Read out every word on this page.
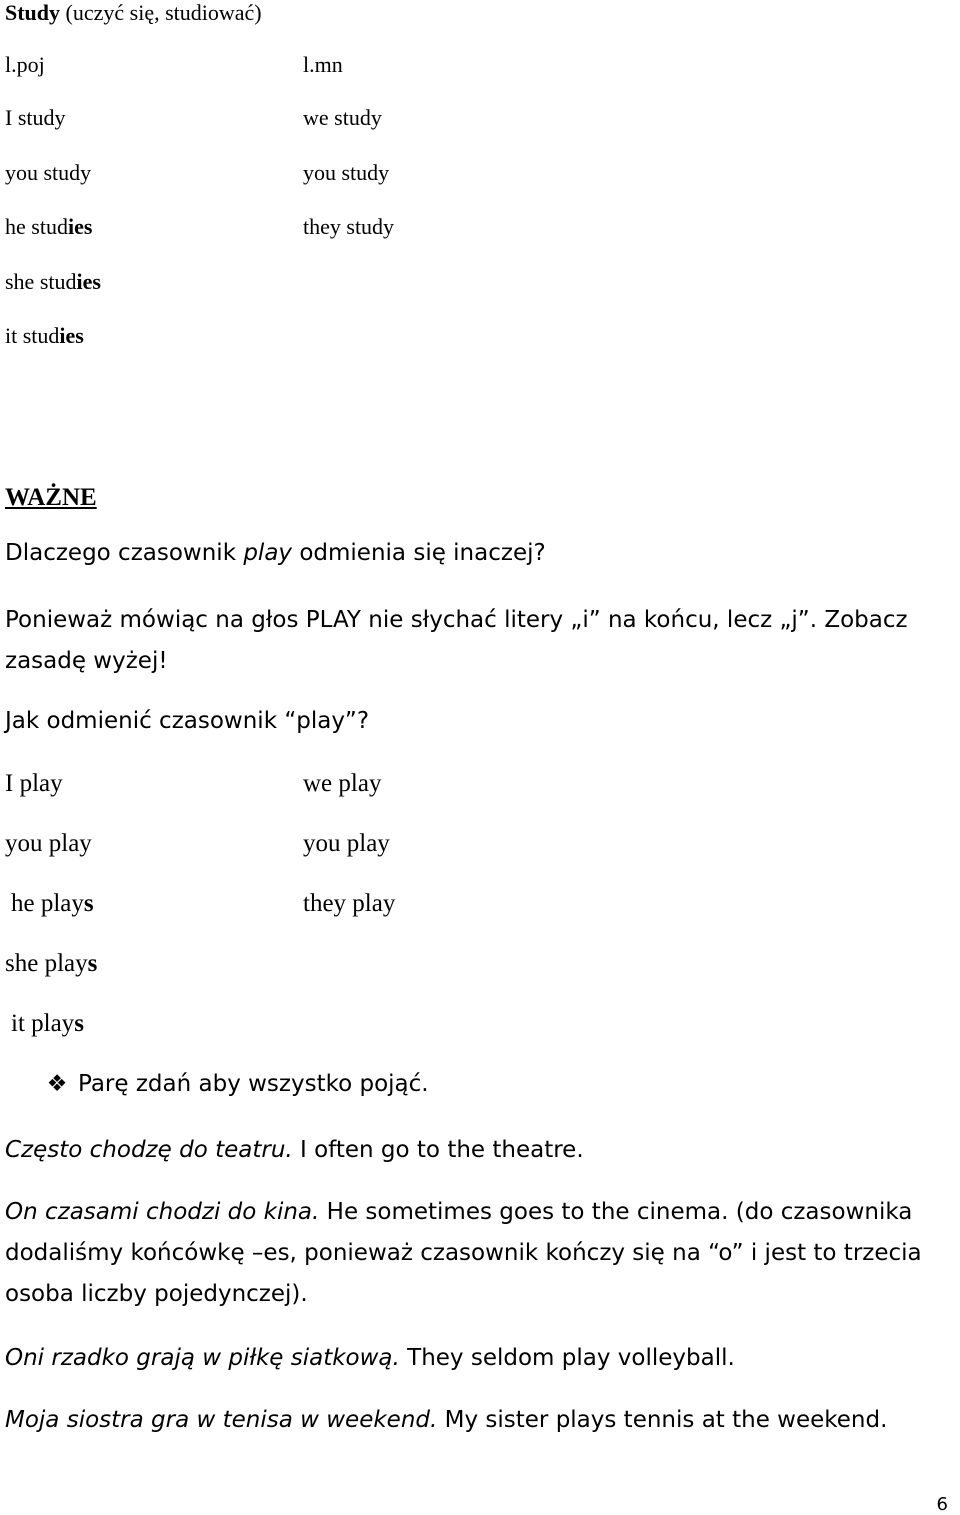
Study (uczyć się, studiować)
l.poj	l.mn
I study
you study
he studies
she studies
it studies
we study
you study
they study
WAŻNE
Dlaczego czasownik play odmienia się inaczej?
Ponieważ mówiąc na głos PLAY nie słychać litery „i” na końcu, lecz „j”. Zobacz zasadę wyżej!
Jak odmienić czasownik “play”?
I play
you play
he plays
she plays
it plays
we play
you play
they play
❖ Parę zdań aby wszystko pojąć.
Często chodzę do teatru. I often go to the theatre.
On czasami chodzi do kina. He sometimes goes to the cinema. (do czasownika dodaliśmy końcówkę –es, ponieważ czasownik kończy się na “o” i jest to trzecia osoba liczby pojedynczej).
Oni rzadko grają w piłkę siatkową. They seldom play volleyball.
Moja siostra gra w tenisa w weekend. My sister plays tennis at the weekend.
6
